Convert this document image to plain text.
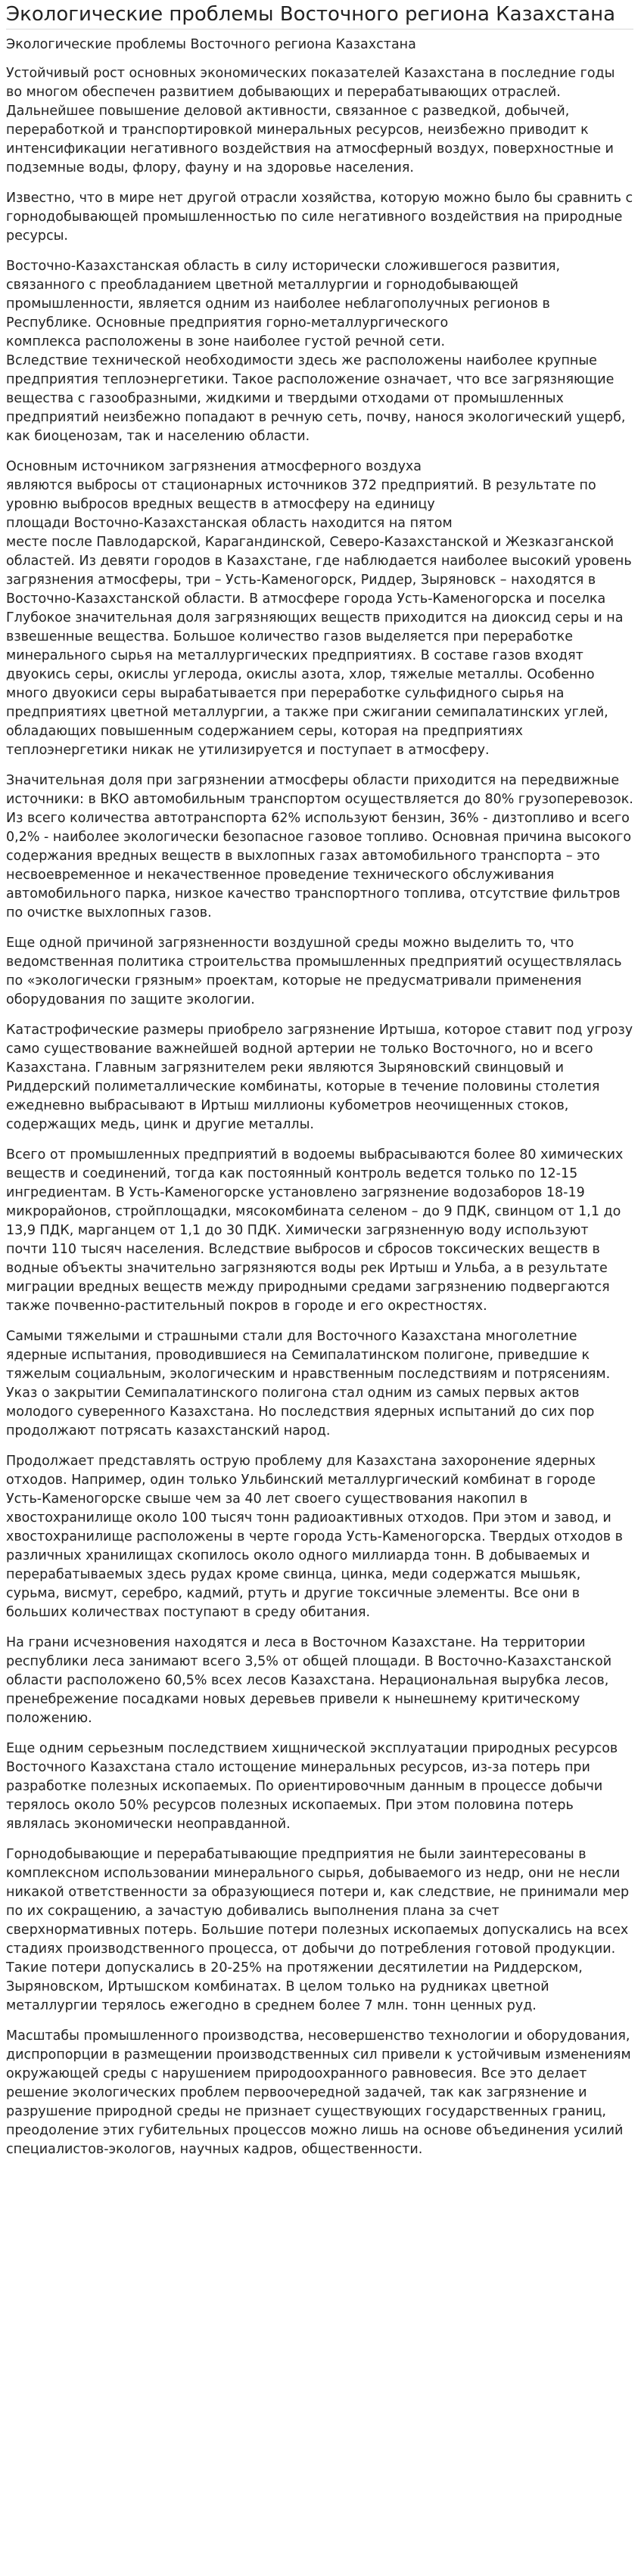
Экологические проблемы Восточного региона Казахстана
Экологические проблемы Восточного региона Казахстана

Устойчивый рост основных экономических показателей Казахстана в последние годы во многом обеспечен развитием добывающих и перерабатывающих отраслей. Дальнейшее повышение деловой активности, связанное с разведкой, добычей, переработкой и транспортировкой минеральных ресурсов, неизбежно приводит к интенсификации негативного воздействия на атмосферный воздух, поверхностные и подземные воды, флору, фауну и на здоровье населения.

Известно, что в мире нет другой отрасли хозяйства, которую можно было бы сравнить с горнодобывающей промышленностью по силе негативного воздействия на природные ресурсы.

Восточно-Казахстанская область в силу исторически сложившегося развития, связанного с преобладанием цветной металлургии и горнодобывающей промышленности, является одним из наиболее неблагополучных регионов в Республике. Основные предприятия горно-металлургического
комплекса расположены в зоне наиболее густой речной сети.
Вследствие технической необходимости здесь же расположены наиболее крупные предприятия теплоэнергетики. Такое расположение означает, что все загрязняющие вещества с газообразными, жидкими и твердыми отходами от промышленных предприятий неизбежно попадают в речную сеть, почву, нанося экологический ущерб, как биоценозам, так и населению области.

Основным источником загрязнения атмосферного воздуха
являются выбросы от стационарных источников 372 предприятий. В результате по уровню выбросов вредных веществ в атмосферу на единицу
площади Восточно-Казахстанская область находится на пятом
месте после Павлодарской, Карагандинской, Северо-Казахстанской и Жезказганской областей. Из девяти городов в Казахстане, где наблюдается наиболее высокий уровень загрязнения атмосферы, три – Усть-Каменогорск, Риддер, Зыряновск – находятся в Восточно-Казахстанской области. В атмосфере города Усть-Каменогорска и поселка Глубокое значительная доля загрязняющих веществ приходится на диоксид серы и на взвешенные вещества. Большое количество газов выделяется при переработке минерального сырья на металлургических предприятиях. В составе газов входят двуокись серы, окислы углерода, окислы азота, хлор, тяжелые металлы. Особенно много двуокиси серы вырабатывается при переработке сульфидного сырья на предприятиях цветной металлургии, а также при сжигании семипалатинских углей, обладающих повышенным содержанием серы, которая на предприятиях теплоэнергетики никак не утилизируется и поступает в атмосферу.

Значительная доля при загрязнении атмосферы области приходится на передвижные источники: в ВКО автомобильным транспортом осуществляется до 80% грузоперевозок. Из всего количества автотранспорта 62% используют бензин, 36% - дизтопливо и всего 0,2% - наиболее экологически безопасное газовое топливо. Основная причина высокого содержания вредных веществ в выхлопных газах автомобильного транспорта – это несвоевременное и некачественное проведение технического обслуживания автомобильного парка, низкое качество транспортного топлива, отсутствие фильтров по очистке выхлопных газов.

Еще одной причиной загрязненности воздушной среды можно выделить то, что ведомственная политика строительства промышленных предприятий осуществлялась по «экологически грязным» проектам, которые не предусматривали применения оборудования по защите экологии.

Катастрофические размеры приобрело загрязнение Иртыша, которое ставит под угрозу само существование важнейшей водной артерии не только Восточного, но и всего Казахстана. Главным загрязнителем реки являются Зыряновский свинцовый и Риддерский полиметаллические комбинаты, которые в течение половины столетия ежедневно выбрасывают в Иртыш миллионы кубометров неочищенных стоков, содержащих медь, цинк и другие металлы.

Всего от промышленных предприятий в водоемы выбрасываются более 80 химических веществ и соединений, тогда как постоянный контроль ведется только по 12-15 ингредиентам. В Усть-Каменогорске установлено загрязнение водозаборов 18-19 микрорайонов, стройплощадки, мясокомбината селеном – до 9 ПДК, свинцом от 1,1 до 13,9 ПДК, марганцем от 1,1 до 30 ПДК. Химически загрязненную воду используют почти 110 тысяч населения. Вследствие выбросов и сбросов токсических веществ в водные объекты значительно загрязняются воды рек Иртыш и Ульба, а в результате миграции вредных веществ между природными средами загрязнению подвергаются также почвенно-растительный покров в городе и его окрестностях.

Самыми тяжелыми и страшными стали для Восточного Казахстана многолетние ядерные испытания, проводившиеся на Семипалатинском полигоне, приведшие к тяжелым социальным, экологическим и нравственным последствиям и потрясениям. Указ о закрытии Семипалатинского полигона стал одним из самых первых актов молодого суверенного Казахстана. Но последствия ядерных испытаний до сих пор продолжают потрясать казахстанский народ.

Продолжает представлять острую проблему для Казахстана захоронение ядерных отходов. Например, один только Ульбинский металлургический комбинат в городе Усть-Каменогорске свыше чем за 40 лет своего существования накопил в хвостохранилище около 100 тысяч тонн радиоактивных отходов. При этом и завод, и хвостохранилище расположены в черте города Усть-Каменогорска. Твердых отходов в различных хранилищах скопилось около одного миллиарда тонн. В добываемых и перерабатываемых здесь рудах кроме свинца, цинка, меди содержатся мышьяк, сурьма, висмут, серебро, кадмий, ртуть и другие токсичные элементы. Все они в больших количествах поступают в среду обитания.

На грани исчезновения находятся и леса в Восточном Казахстане. На территории республики леса занимают всего 3,5% от общей площади. В Восточно-Казахстанской области расположено 60,5% всех лесов Казахстана. Нерациональная вырубка лесов, пренебрежение посадками новых деревьев привели к нынешнему критическому положению.

Еще одним серьезным последствием хищнической эксплуатации природных ресурсов Восточного Казахстана стало истощение минеральных ресурсов, из-за потерь при разработке полезных ископаемых. По ориентировочным данным в процессе добычи терялось около 50% ресурсов полезных ископаемых. При этом половина потерь являлась экономически неоправданной.

Горнодобывающие и перерабатывающие предприятия не были заинтересованы в комплексном использовании минерального сырья, добываемого из недр, они не несли никакой ответственности за образующиеся потери и, как следствие, не принимали мер по их сокращению, а зачастую добивались выполнения плана за счет сверхнормативных потерь. Большие потери полезных ископаемых допускались на всех стадиях производственного процесса, от добычи до потребления готовой продукции. Такие потери допускались в 20-25% на протяжении десятилетии на Риддерском, Зыряновском, Иртышском комбинатах. В целом только на рудниках цветной металлургии терялось ежегодно в среднем более 7 млн. тонн ценных руд.

Масштабы промышленного производства, несовершенство технологии и оборудования, диспропорции в размещении производственных сил привели к устойчивым изменениям окружающей среды с нарушением природоохранного равновесия. Все это делает решение экологических проблем первоочередной задачей, так как загрязнение и разрушение природной среды не признает существующих государственных границ, преодоление этих губительных процессов можно лишь на основе объединения усилий специалистов-экологов, научных кадров, общественности.
